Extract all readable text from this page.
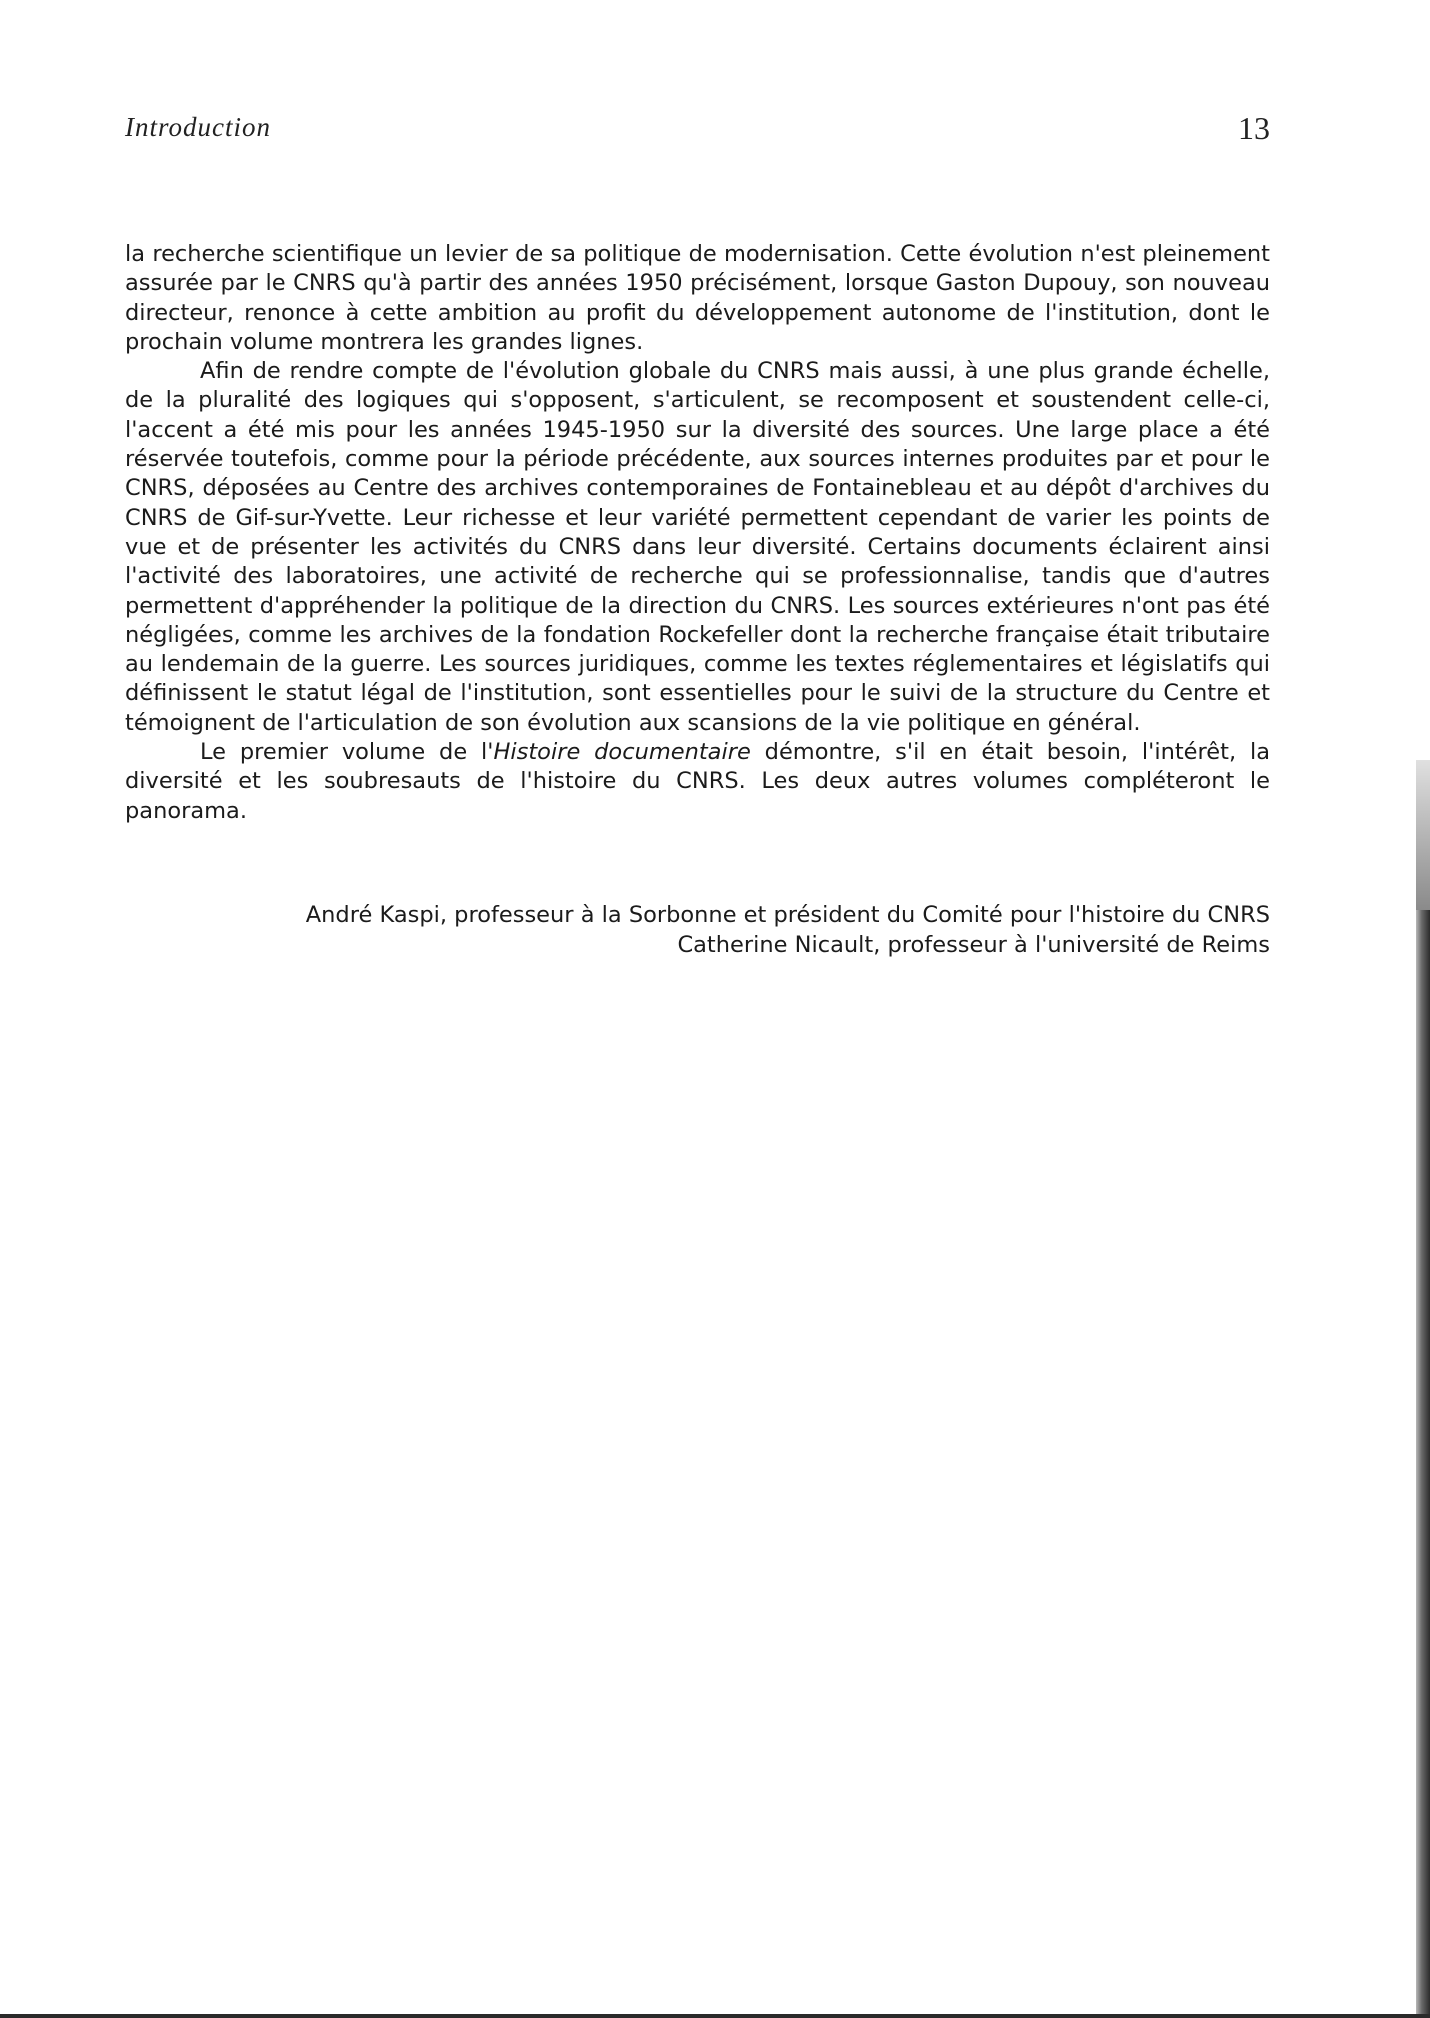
Introduction	13

la recherche scientifique un levier de sa politique de modernisation. Cette évolution n'est pleinement assurée par le CNRS qu'à partir des années 1950 précisément, lorsque Gaston Dupouy, son nouveau directeur, renonce à cette ambition au profit du développement autonome de l'institution, dont le prochain volume montrera les grandes lignes.

Afin de rendre compte de l'évolution globale du CNRS mais aussi, à une plus grande échelle, de la pluralité des logiques qui s'opposent, s'articulent, se recomposent et soustendent celle-ci, l'accent a été mis pour les années 1945-1950 sur la diversité des sources. Une large place a été réservée toutefois, comme pour la période précédente, aux sources internes produites par et pour le CNRS, déposées au Centre des archives contemporaines de Fontainebleau et au dépôt d'archives du CNRS de Gif-sur-Yvette. Leur richesse et leur variété permettent cependant de varier les points de vue et de présenter les activités du CNRS dans leur diversité. Certains documents éclairent ainsi l'activité des laboratoires, une activité de recherche qui se professionnalise, tandis que d'autres permettent d'appréhender la politique de la direction du CNRS. Les sources extérieures n'ont pas été négligées, comme les archives de la fondation Rockefeller dont la recherche française était tributaire au lendemain de la guerre. Les sources juridiques, comme les textes réglementaires et législatifs qui définissent le statut légal de l'institution, sont essentielles pour le suivi de la structure du Centre et témoignent de l'articulation de son évolution aux scansions de la vie politique en général.

Le premier volume de l'Histoire documentaire démontre, s'il en était besoin, l'intérêt, la diversité et les soubresauts de l'histoire du CNRS. Les deux autres volumes compléteront le panorama.

André Kaspi, professeur à la Sorbonne et président du Comité pour l'histoire du CNRS
Catherine Nicault, professeur à l'université de Reims
